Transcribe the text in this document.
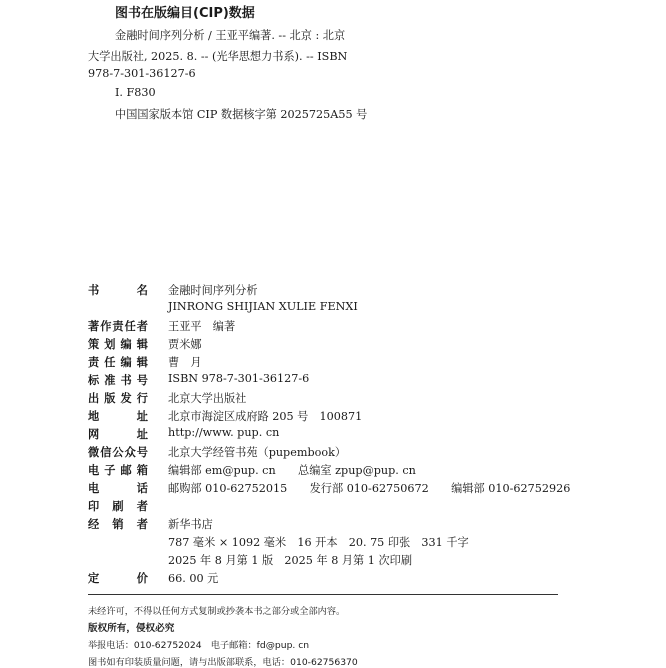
图书在版编目(CIP)数据
金融时间序列分析 / 王亚平编著. -- 北京 : 北京
大学出版社, 2025. 8. -- (光华思想力书系). -- ISBN
978-7-301-36127-6
Ⅰ. F830
中国国家版本馆 CIP 数据核字第 2025725A55 号
书	名 金融时间序列分析
JINRONG SHIJIAN XULIE FENXI
著 作 责 任 者 王亚平　编著
策 划 编 辑 贾米娜
责 任 编 辑 曹　月
标 准 书 号 ISBN 978-7-301-36127-6
出 版 发 行 北京大学出版社
地	址 北京市海淀区成府路 205 号　100871
网	址 http://www. pup. cn
微 信 公 众 号 北京大学经管书苑（pupembook）
电 子 邮 箱 编辑部 em@pup. cn　　总编室 zpup@pup. cn
电	话 邮购部 010-62752015　　发行部 010-62750672　　编辑部 010-62752926
印 刷 者
经 销 者 新华书店
787 毫米 × 1092 毫米　16 开本　20. 75 印张　331 千字
2025 年 8 月第 1 版　2025 年 8 月第 1 次印刷
定	价 66. 00 元
未经许可，不得以任何方式复制或抄袭本书之部分或全部内容。
版权所有，侵权必究
举报电话：010-62752024　电子邮箱：fd@pup. cn
图书如有印装质量问题，请与出版部联系，电话：010-62756370
